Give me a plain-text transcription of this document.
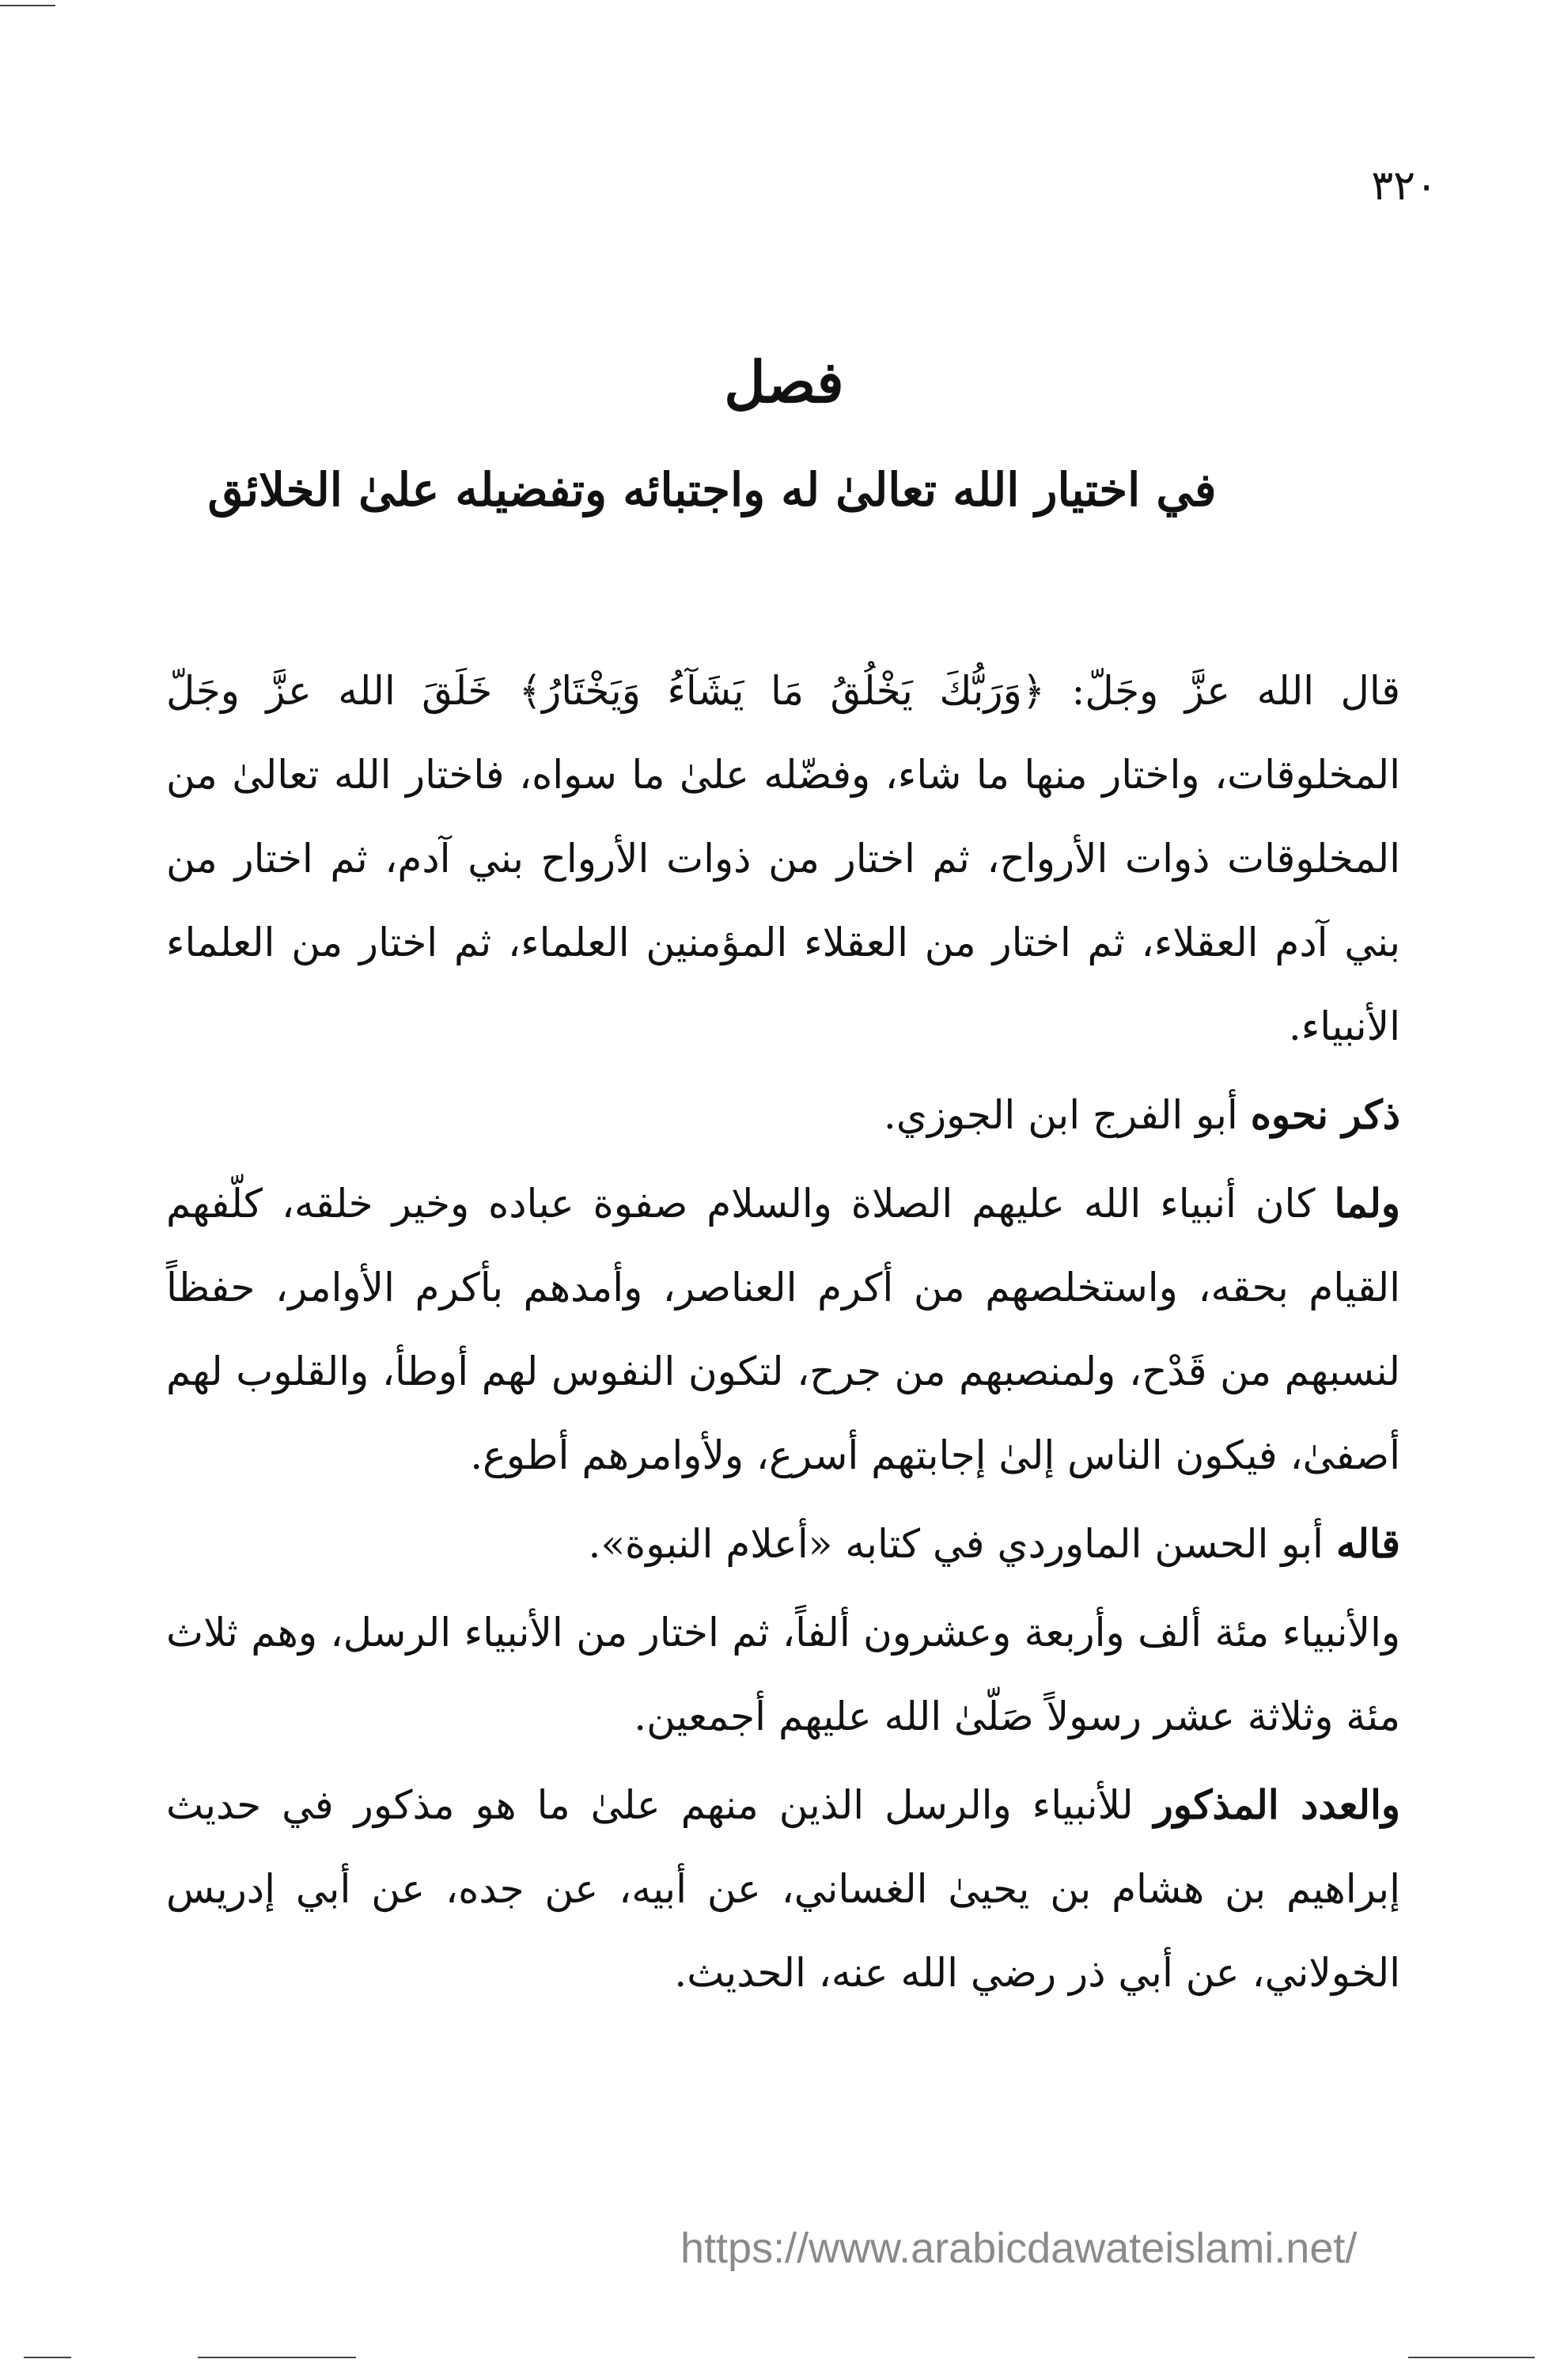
٣٢٠
فصل
في اختيار الله تعالىٰ له واجتبائه وتفضيله علىٰ الخلائق

قال الله عزَّ وجَلّ: ﴿وَرَبُّكَ يَخْلُقُ مَا يَشَآءُ وَيَخْتَارُ﴾ خَلَقَ الله عزَّ وجَلّ المخلوقات، واختار منها ما شاء، وفضّله علىٰ ما سواه، فاختار الله تعالىٰ من المخلوقات ذوات الأرواح، ثم اختار من ذوات الأرواح بني آدم، ثم اختار من بني آدم العقلاء، ثم اختار من العقلاء المؤمنين العلماء، ثم اختار من العلماء الأنبياء.

ذكر نحوه أبو الفرج ابن الجوزي.

ولما كان أنبياء الله عليهم الصلاة والسلام صفوة عباده وخير خلقه، كلّفهم القيام بحقه، واستخلصهم من أكرم العناصر، وأمدهم بأكرم الأوامر، حفظاً لنسبهم من قَدْح، ولمنصبهم من جرح، لتكون النفوس لهم أوطأ، والقلوب لهم أصفىٰ، فيكون الناس إلىٰ إجابتهم أسرع، ولأوامرهم أطوع.

قاله أبو الحسن الماوردي في كتابه «أعلام النبوة».

والأنبياء مئة ألف وأربعة وعشرون ألفاً، ثم اختار من الأنبياء الرسل، وهم ثلاث مئة وثلاثة عشر رسولاً صَلّىٰ الله عليهم أجمعين.

والعدد المذكور للأنبياء والرسل الذين منهم علىٰ ما هو مذكور في حديث إبراهيم بن هشام بن يحيىٰ الغساني، عن أبيه، عن جده، عن أبي إدريس الخولاني، عن أبي ذر رضي الله عنه، الحديث.

https://www.arabicdawateislami.net/
